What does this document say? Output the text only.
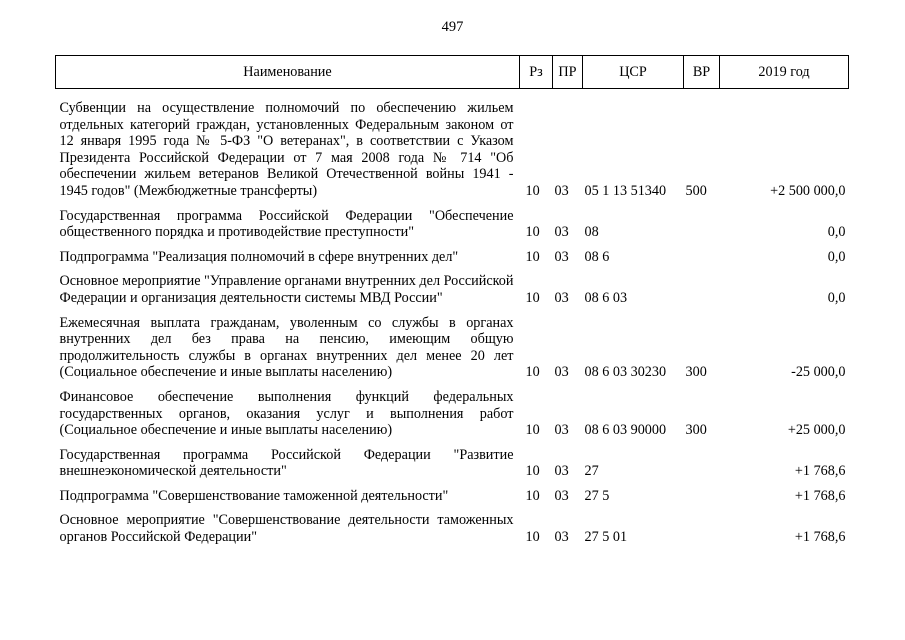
497
Наименование	Рз	ПР	ЦСР	ВР	2019 год
Субвенции на осуществление полномочий по обеспечению жильем отдельных категорий граждан, установленных Федеральным законом от 12 января 1995 года № 5-ФЗ "О ветеранах", в соответствии с Указом Президента Российской Федерации от 7 мая 2008 года № 714 "Об обеспечении жильем ветеранов Великой Отечественной войны 1941 - 1945 годов" (Межбюджетные трансферты)	10	03	05 1 13 51340	500	+2 500 000,0
Государственная программа Российской Федерации "Обеспечение общественного порядка и противодействие преступности"	10	03	08		0,0
Подпрограмма "Реализация полномочий в сфере внутренних дел"	10	03	08 6		0,0
Основное мероприятие "Управление органами внутренних дел Российской Федерации и организация деятельности системы МВД России"	10	03	08 6 03		0,0
Ежемесячная выплата гражданам, уволенным со службы в органах внутренних дел без права на пенсию, имеющим общую продолжительность службы в органах внутренних дел менее 20 лет (Социальное обеспечение и иные выплаты населению)	10	03	08 6 03 30230	300	-25 000,0
Финансовое обеспечение выполнения функций федеральных государственных органов, оказания услуг и выполнения работ (Социальное обеспечение и иные выплаты населению)	10	03	08 6 03 90000	300	+25 000,0
Государственная программа Российской Федерации "Развитие внешнеэкономической деятельности"	10	03	27		+1 768,6
Подпрограмма "Совершенствование таможенной деятельности"	10	03	27 5		+1 768,6
Основное мероприятие "Совершенствование деятельности таможенных органов Российской Федерации"	10	03	27 5 01		+1 768,6
